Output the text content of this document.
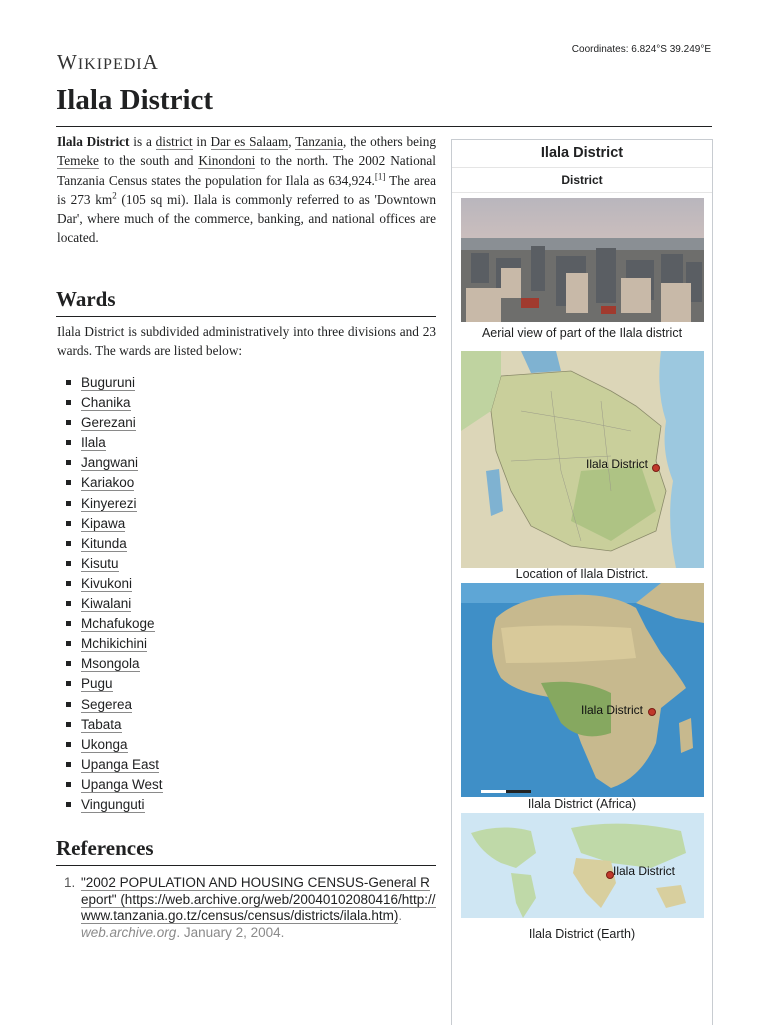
WIKIPEDIA
Coordinates: 6.824°S 39.249°E
Ilala District

Ilala District is a district in Dar es Salaam, Tanzania, the others being Temeke to the south and Kinondoni to the north. The 2002 National Tanzania Census states the population for Ilala as 634,924.[1] The area is 273 $km^2$ (105 sq mi). Ilala is commonly referred to as 'Downtown Dar', where much of the commerce, banking, and national offices are located.

Wards

Ilala District is subdivided administratively into three divisions and 23 wards. The wards are listed below:

Buguruni
Chanika
Gerezani
Ilala
Jangwani
Kariakoo
Kinyerezi
Kipawa
Kitunda
Kisutu
Kivukoni
Kiwalani
Mchafukoge
Mchikichini
Msongola
Pugu
Segerea
Tabata
Ukonga
Upanga East
Upanga West
Vingunguti
References
1. "2002 POPULATION AND HOUSING CENSUS-General Report" (https://web.archive.org/web/20040102080416/http://www.tanzania.go.tz/census/census/districts/ilala.htm). web.archive.org. January 2, 2004.
Ilala District
District
Aerial view of part of the Ilala district
Ilala District
Location of Ilala District.
Ilala District
Ilala District (Africa)
Ilala District
Ilala District (Earth)
